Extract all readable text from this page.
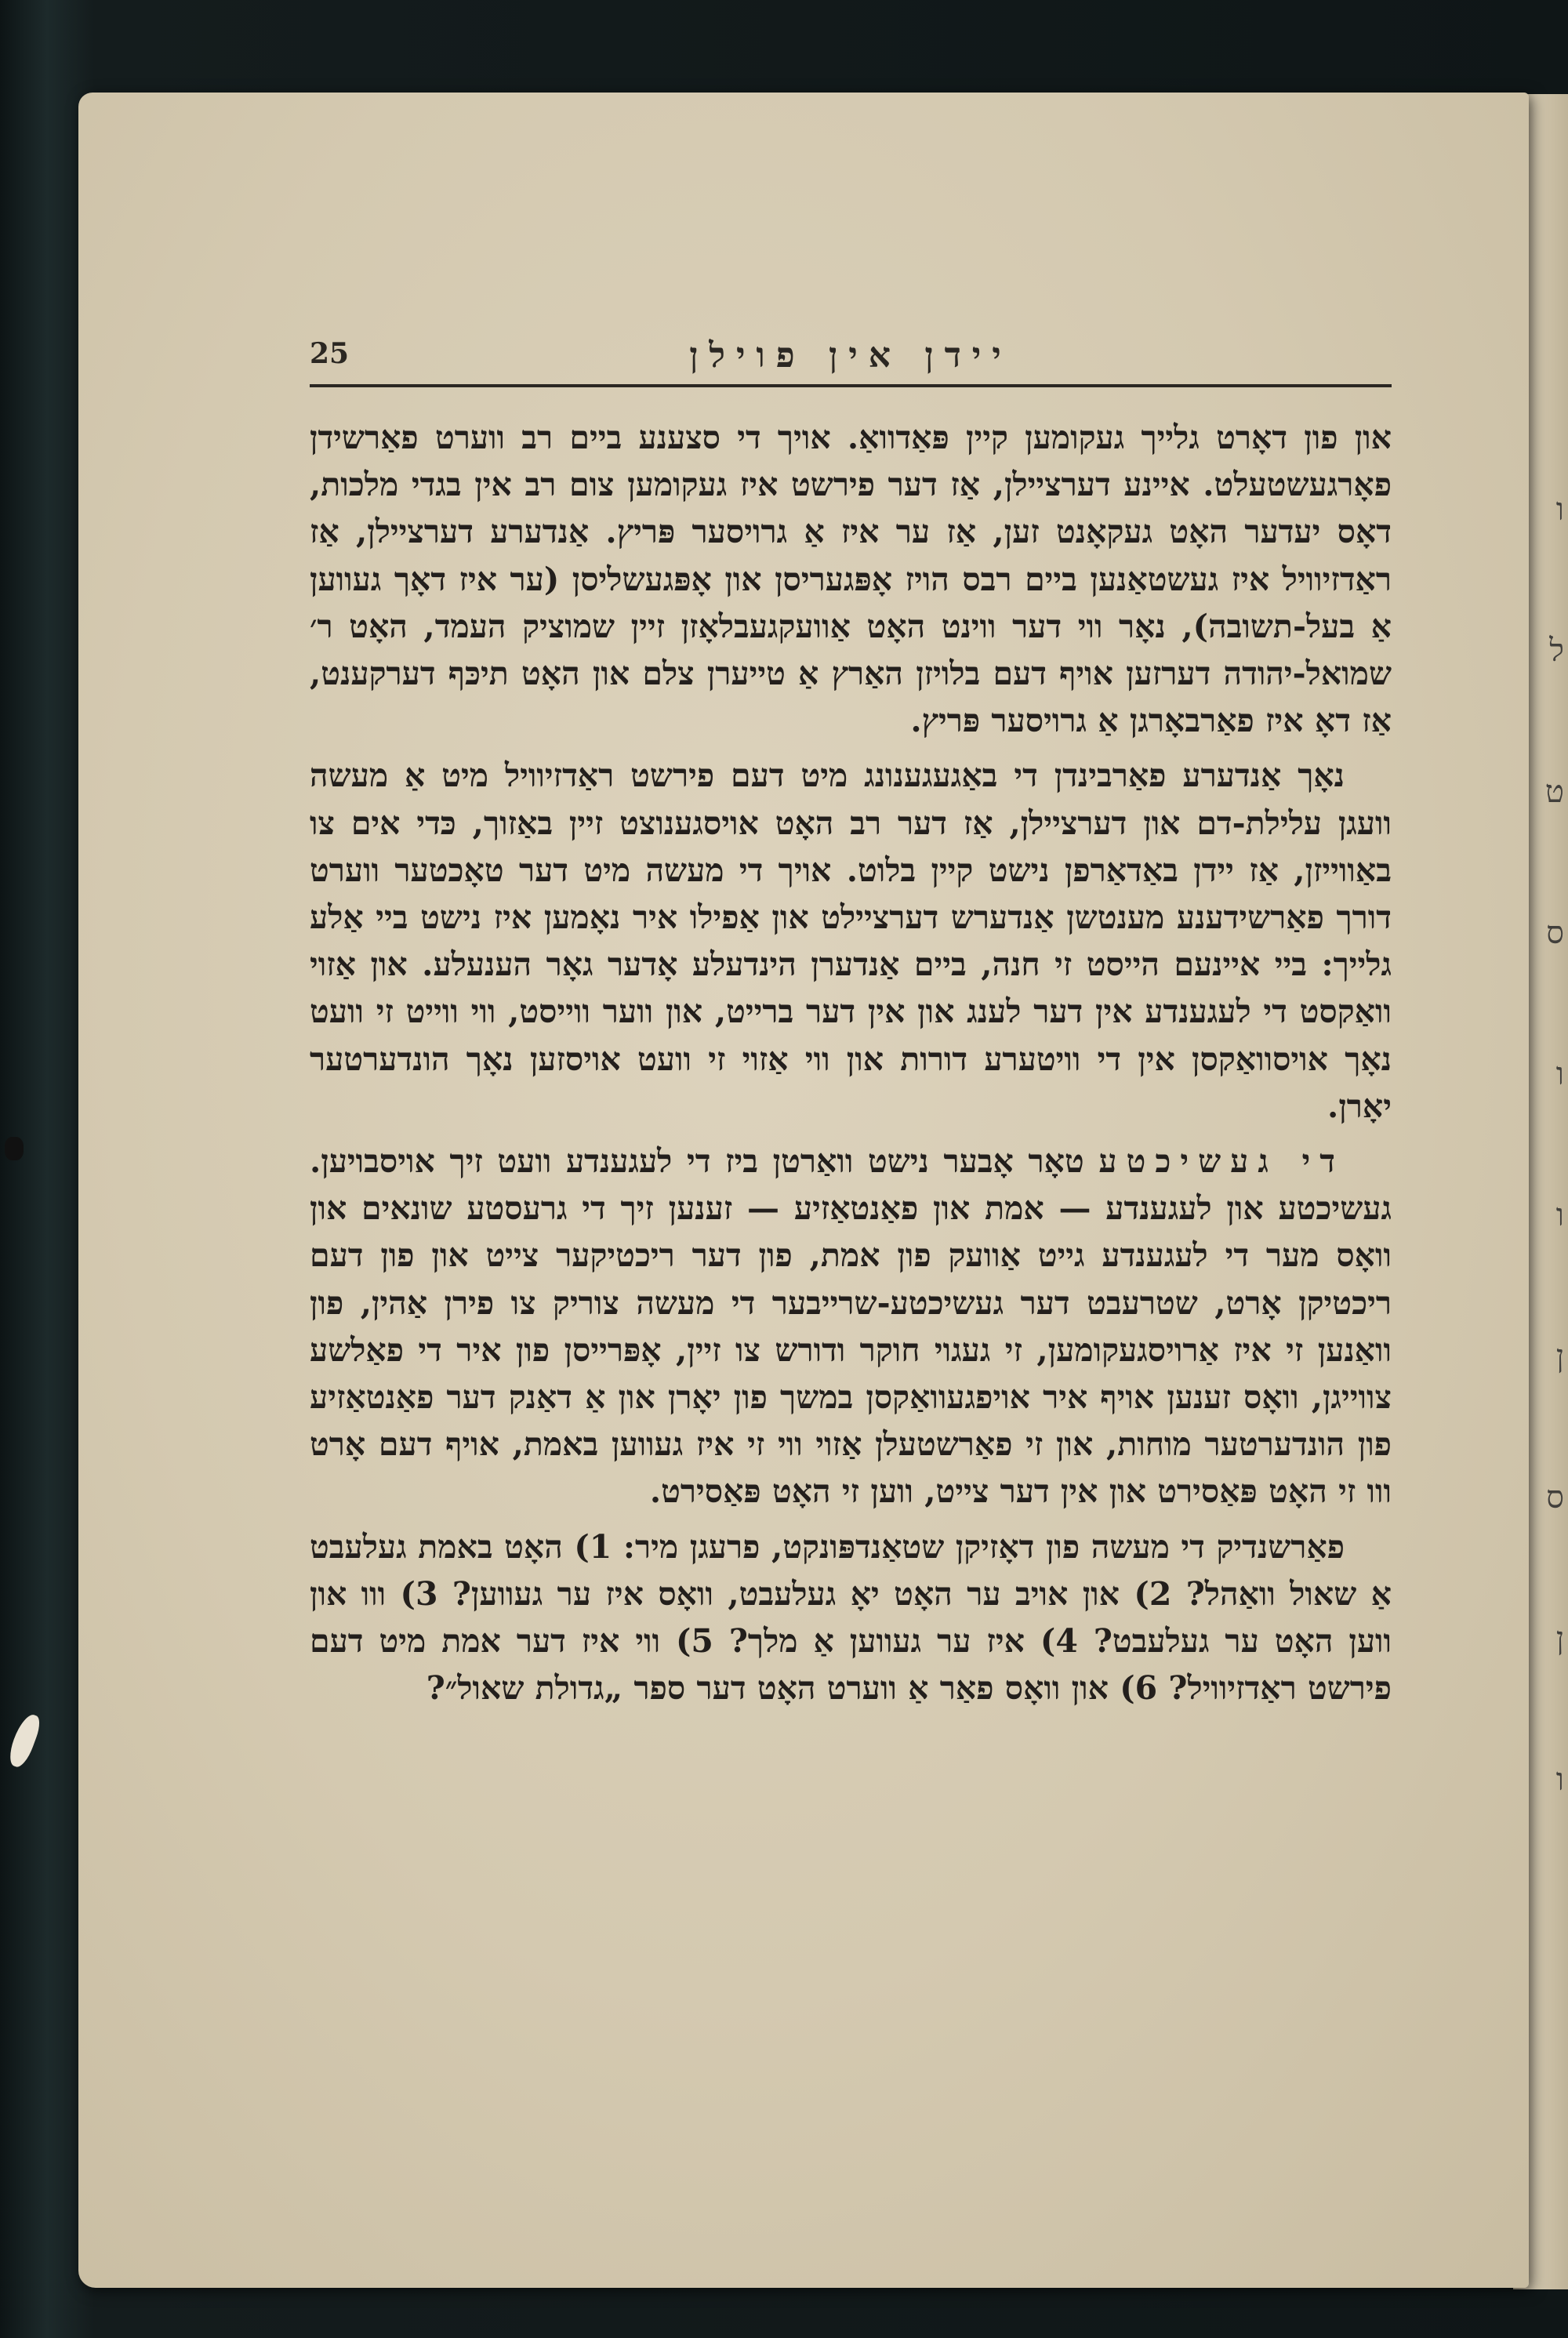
ו
ל
ט
ס
ו
ו
ן
ס
ן
ו
25	יידן אין פוילן

און פון דאָרט גלייך געקומען קיין פּאַדוואַ. אויך די סצענע ביים רב ווערט פאַרשידן פאָרגעשטעלט. איינע דערציילן, אַז דער פירשט איז געקומען צום רב אין בגדי מלכות, דאָס יעדער האָט געקאָנט זען, אַז ער איז אַ גרויסער פּריץ. אַנדערע דערציילן, אַז ראַדזיוויל איז געשטאַנען ביים רבס הויז אָפּגעריסן און אָפּגעשליסן (ער איז דאָך געווען אַ בעל-תשובה), נאָר ווי דער ווינט האָט אַוועקגעבלאָזן זיין שמוציק העמד, האָט ר׳ שמואל-יהודה דערזען אויף דעם בלויזן האַרץ אַ טייערן צלם און האָט תיכּף דערקענט, אַז דאָ איז פאַרבאָרגן אַ גרויסער פּריץ.

נאָך אַנדערע פאַרבינדן די באַגעגענונג מיט דעם פירשט ראַדזיוויל מיט אַ מעשה וועגן עלילת-דם און דערציילן, אַז דער רב האָט אויסגענוצט זיין באַזוך, כּדי אים צו באַווייזן, אַז יידן באַדאַרפן נישט קיין בלוט. אויך די מעשה מיט דער טאָכטער ווערט דורך פאַרשידענע מענטשן אַנדערש דערציילט און אַפילו איר נאָמען איז נישט ביי אַלע גלייך: ביי איינעם הייסט זי חנה, ביים אַנדערן הינדעלע אָדער גאָר הענעלע. און אַזוי וואַקסט די לעגענדע אין דער לענג און אין דער ברייט, און ווער ווייסט, ווי ווייט זי וועט נאָך אויסוואַקסן אין די וויטערע דורות און ווי אַזוי זי וועט אויסזען נאָך הונדערטער יאָרן.

די געשיכטע טאָר אָבער נישט וואַרטן ביז די לעגענדע וועט זיך אויסבויען. געשיכטע און לעגענדע — אמת און פאַנטאַזיע — זענען זיך די גרעסטע שונאים און וואָס מער די לעגענדע גייט אַוועק פון אמת, פון דער ריכטיקער צייט און פון דעם ריכטיקן אָרט, שטרעבט דער געשיכטע-שרייבער די מעשה צוריק צו פירן אַהין, פון וואַנען זי איז אַרויסגעקומען, זי געגוי חוקר ודורש צו זיין, אָפּרייסן פון איר די פאַלשע צווייגן, וואָס זענען אויף איר אויפגעוואַקסן במשך פון יאָרן און אַ דאַנק דער פאַנטאַזיע פון הונדערטער מוחות, און זי פאַרשטעלן אַזוי ווי זי איז געווען באמת, אויף דעם אָרט ווו זי האָט פּאַסירט און אין דער צייט, ווען זי האָט פּאַסירט.

פאַרשנדיק די מעשה פון דאָזיקן שטאַנדפּונקט, פרעגן מיר: 1) האָט באמת געלעבט אַ שאול וואַהל? 2) און אויב ער האָט יאָ געלעבט, וואָס איז ער געווען? 3) ווו און ווען האָט ער געלעבט? 4) איז ער געווען אַ מלך? 5) ווי איז דער אמת מיט דעם פירשט ראַדזיוויל? 6) און וואָס פאַר אַ ווערט האָט דער ספר „גדולת שאול״?
